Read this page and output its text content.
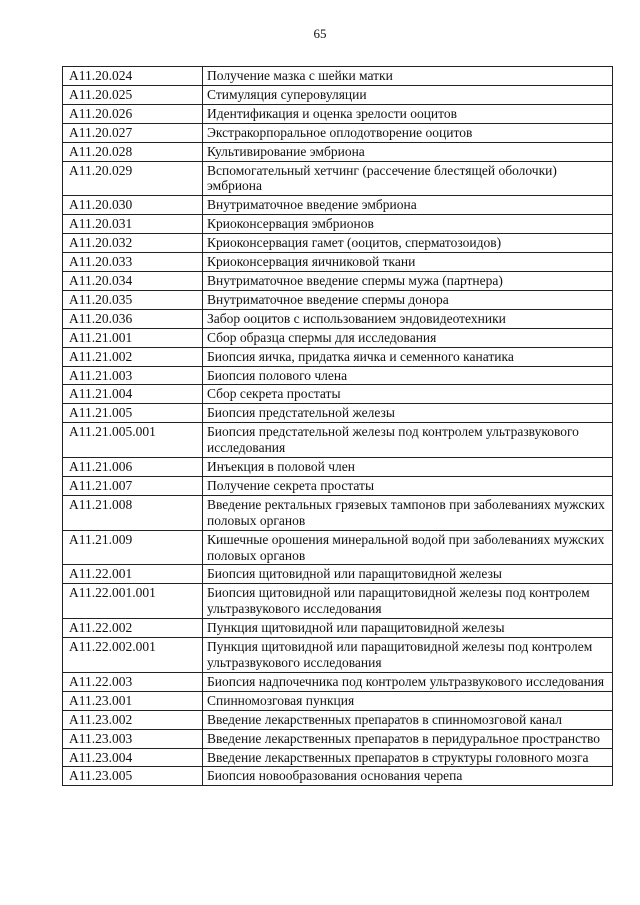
65
A11.20.024	Получение мазка с шейки матки
A11.20.025	Стимуляция суперовуляции
A11.20.026	Идентификация и оценка зрелости ооцитов
A11.20.027	Экстракорпоральное оплодотворение ооцитов
A11.20.028	Культивирование эмбриона
A11.20.029	Вспомогательный хетчинг (рассечение блестящей оболочки) эмбриона
A11.20.030	Внутриматочное введение эмбриона
A11.20.031	Криоконсервация эмбрионов
A11.20.032	Криоконсервация гамет (ооцитов, сперматозоидов)
A11.20.033	Криоконсервация яичниковой ткани
A11.20.034	Внутриматочное введение спермы мужа (партнера)
A11.20.035	Внутриматочное введение спермы донора
A11.20.036	Забор ооцитов с использованием эндовидеотехники
A11.21.001	Сбор образца спермы для исследования
A11.21.002	Биопсия яичка, придатка яичка и семенного канатика
A11.21.003	Биопсия полового члена
A11.21.004	Сбор секрета простаты
A11.21.005	Биопсия предстательной железы
A11.21.005.001	Биопсия предстательной железы под контролем ультразвукового исследования
A11.21.006	Инъекция в половой член
A11.21.007	Получение секрета простаты
A11.21.008	Введение ректальных грязевых тампонов при заболеваниях мужских половых органов
A11.21.009	Кишечные орошения минеральной водой при заболеваниях мужских половых органов
A11.22.001	Биопсия щитовидной или паращитовидной железы
A11.22.001.001	Биопсия щитовидной или паращитовидной железы под контролем ультразвукового исследования
A11.22.002	Пункция щитовидной или паращитовидной железы
A11.22.002.001	Пункция щитовидной или паращитовидной железы под контролем ультразвукового исследования
A11.22.003	Биопсия надпочечника под контролем ультразвукового исследования
A11.23.001	Спинномозговая пункция
A11.23.002	Введение лекарственных препаратов в спинномозговой канал
A11.23.003	Введение лекарственных препаратов в перидуральное пространство
A11.23.004	Введение лекарственных препаратов в структуры головного мозга
A11.23.005	Биопсия новообразования основания черепа
